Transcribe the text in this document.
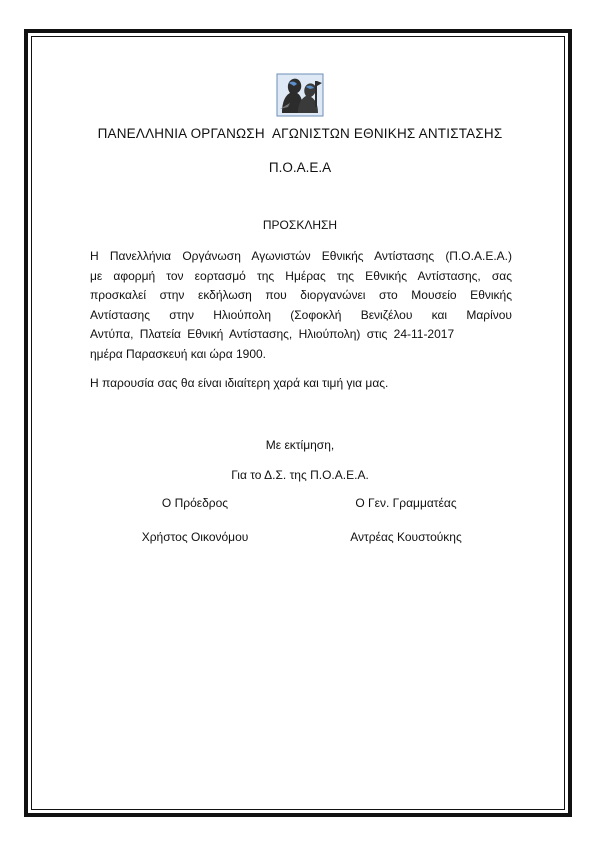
ΠΑΝΕΛΛΗΝΙΑ ΟΡΓΑΝΩΣΗ  ΑΓΩΝΙΣΤΩΝ ΕΘΝΙΚΗΣ ΑΝΤΙΣΤΑΣΗΣ
Π.Ο.Α.Ε.Α
ΠΡΟΣΚΛΗΣΗ
Η Πανελλήνια Οργάνωση Αγωνιστών Εθνικής Αντίστασης (Π.Ο.Α.Ε.Α.)
με αφορμή τον εορτασμό της Ημέρας της Εθνικής Αντίστασης, σας
προσκαλεί στην εκδήλωση που διοργανώνει στο Μουσείο Εθνικής
Αντίστασης στην Ηλιούπολη (Σοφοκλή Βενιζέλου και Μαρίνου
Αντύπα, Πλατεία Εθνική Αντίστασης, Ηλιούπολη) στις 24-11-2017
ημέρα Παρασκευή και ώρα 1900.
Η παρουσία σας θα είναι ιδιαίτερη χαρά και τιμή για μας.
Με εκτίμηση,
Για το Δ.Σ. της Π.Ο.Α.Ε.Α.
Ο Πρόεδρος	Ο Γεν. Γραμματέας
Χρήστος Οικονόμου	Αντρέας Κουστούκης
